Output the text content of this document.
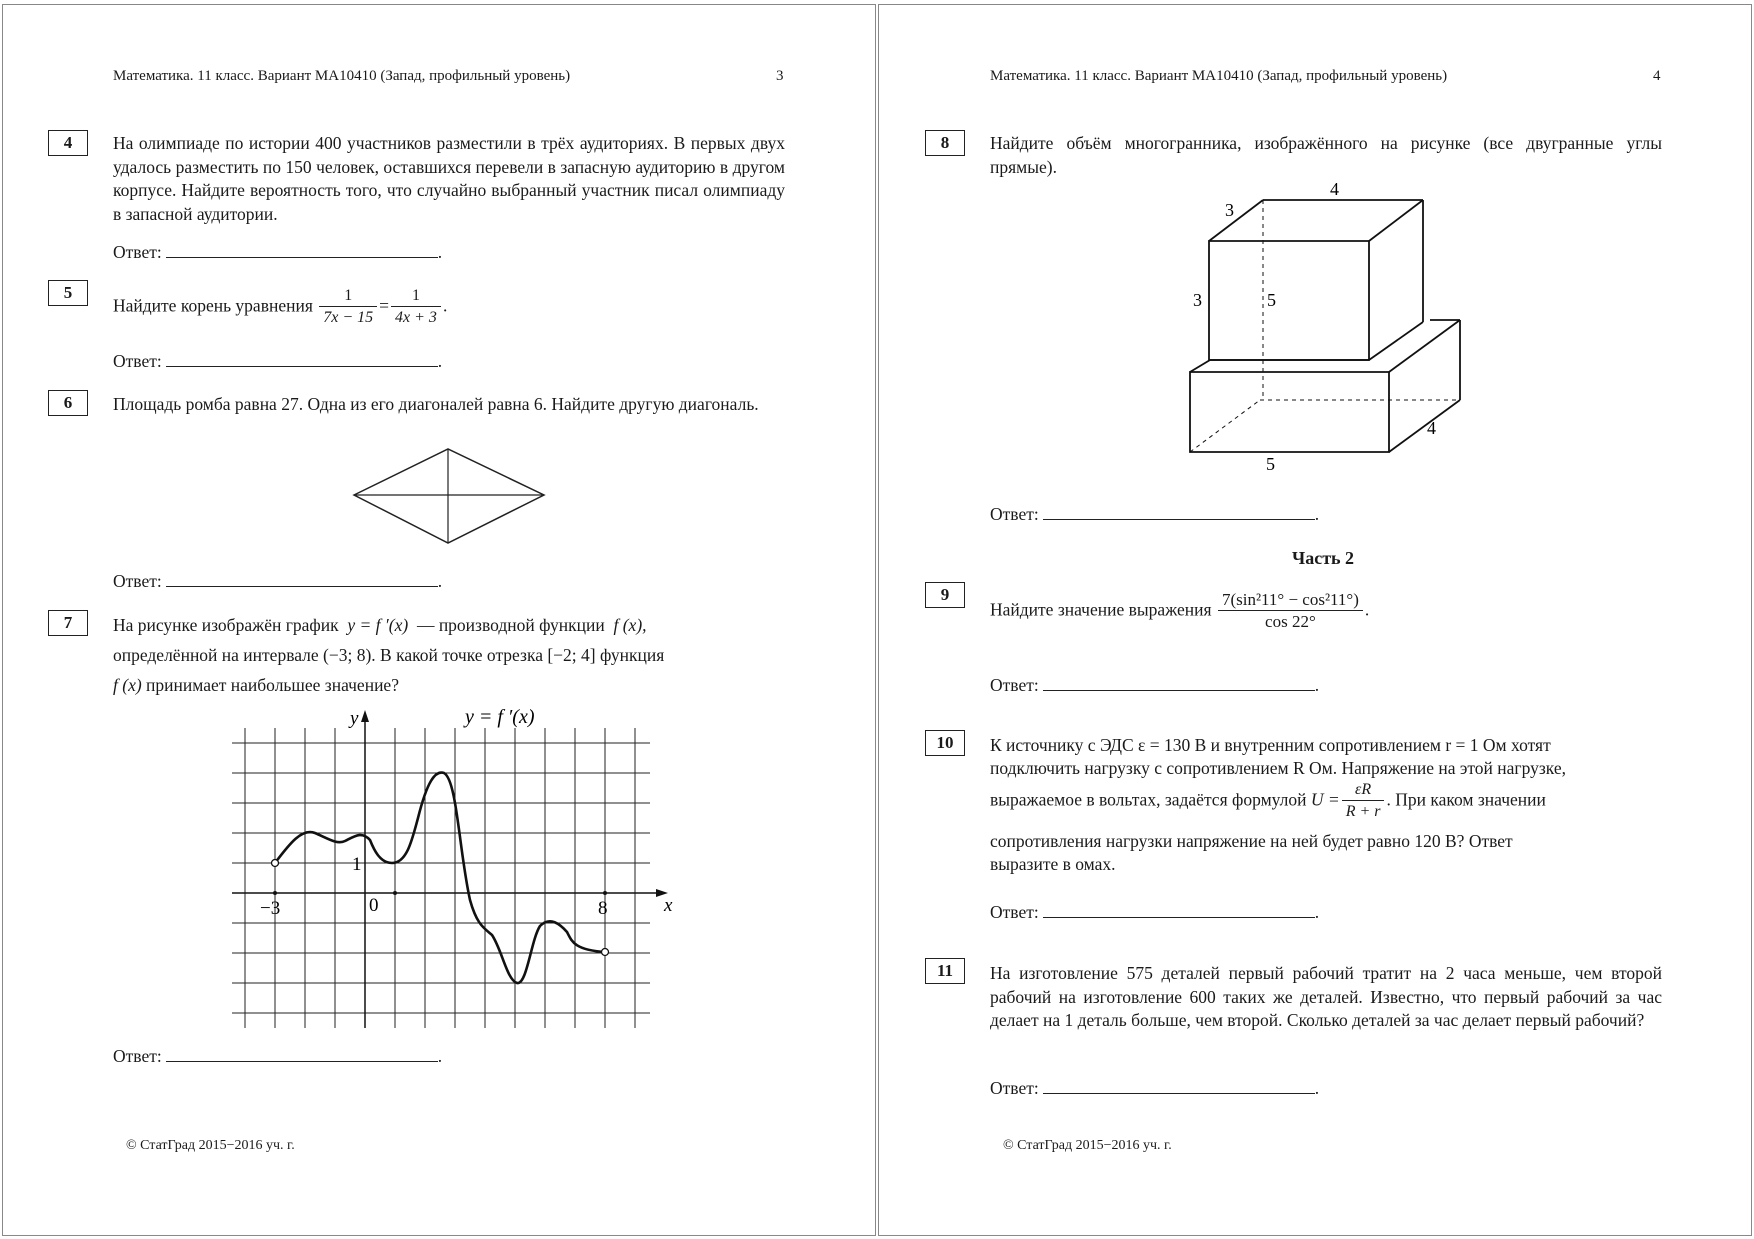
Математика. 11 класс. Вариант МА10410 (Запад, профильный уровень)	3
4	На олимпиаде по истории 400 участников разместили в трёх аудиториях. В первых двух удалось разместить по 150 человек, оставшихся перевели в запасную аудиторию в другом корпусе. Найдите вероятность того, что случайно выбранный участник писал олимпиаду в запасной аудитории.
Ответ:	.
5
Найдите корень уравнения $\frac{1}{7x - 15} = \frac{1}{4x + 3}$ .
Ответ:	.
6	Площадь ромба равна 27. Одна из его диагоналей равна 6. Найдите другую диагональ.
Ответ:	.
7	На рисунке изображён график y = f ′(x) — производной функции f (x),
определённой на интервале (−3; 8). В какой точке отрезка [−2; 4] функция
f (x) принимает наибольшее значение?
y
x
y = f ′(x)
−3	0	8
1
Ответ:	.
© СтатГрад 2015−2016 уч. г.
Математика. 11 класс. Вариант МА10410 (Запад, профильный уровень)	4
8	Найдите объём многогранника, изображённого на рисунке (все двугранные углы прямые).
4
3
3	5
5
4
Ответ:	.
Часть 2
9
Найдите значение выражения $\frac{\text{7(sin²11° − cos²11°)}}{\cos 22^\circ}$ .
Ответ:	.
10	К источнику с ЭДС ε = 130 В и внутренним сопротивлением r = 1 Ом хотят
подключить нагрузку с сопротивлением R Ом. Напряжение на этой нагрузке,
выражаемое в вольтах, задаётся формулой $U = \frac{\varepsilon R}{R + r}$ . При каком значении
сопротивления нагрузки напряжение на ней будет равно 120 В? Ответ
выразите в омах.
Ответ:	.
11	На изготовление 575 деталей первый рабочий тратит на 2 часа меньше, чем второй рабочий на изготовление 600 таких же деталей. Известно, что первый рабочий за час делает на 1 деталь больше, чем второй. Сколько деталей за час делает первый рабочий?
Ответ:	.
© СтатГрад 2015−2016 уч. г.
